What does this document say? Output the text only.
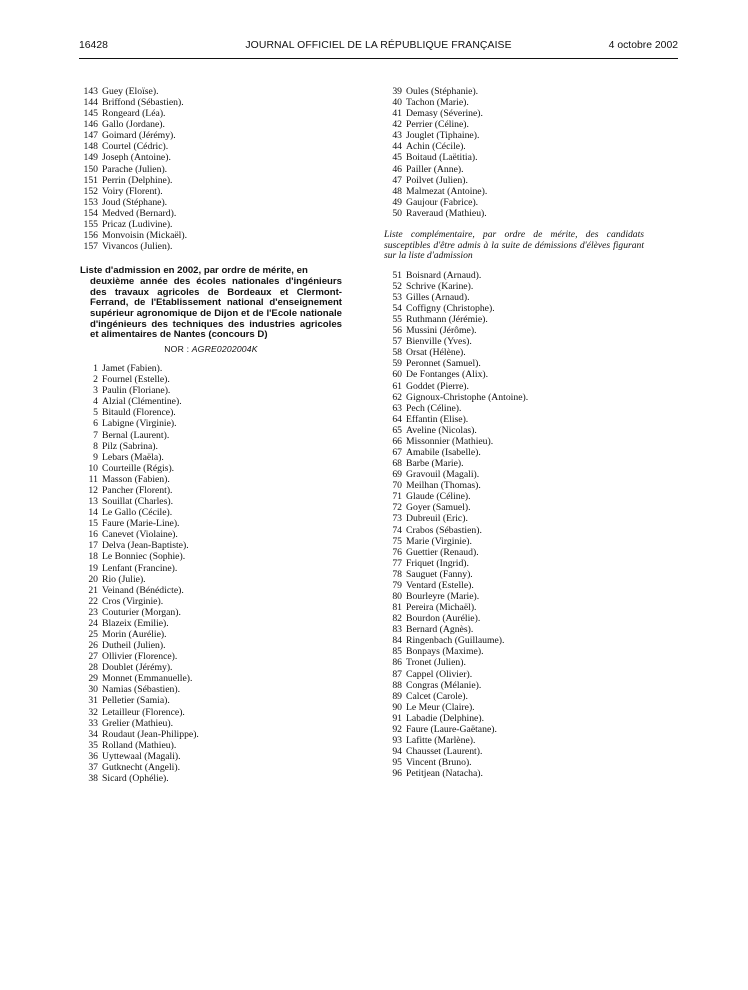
16428	JOURNAL OFFICIEL DE LA RÉPUBLIQUE FRANÇAISE	4 octobre 2002
143 Guey (Eloïse).
144 Briffond (Sébastien).
145 Rongeard (Léa).
146 Gallo (Jordane).
147 Goimard (Jérémy).
148 Courtel (Cédric).
149 Joseph (Antoine).
150 Parache (Julien).
151 Perrin (Delphine).
152 Voiry (Florent).
153 Joud (Stéphane).
154 Medved (Bernard).
155 Pricaz (Ludivine).
156 Monvoisin (Mickaël).
157 Vivancos (Julien).
Liste d'admission en 2002, par ordre de mérite, en
deuxième année des écoles nationales d'ingénieurs des travaux agricoles de Bordeaux et Clermont-Ferrand, de l'Etablissement national d'enseignement supérieur agronomique de Dijon et de l'Ecole nationale d'ingénieurs des techniques des industries agricoles et alimentaires de Nantes (concours D)
NOR : AGRE0202004K
1 Jamet (Fabien).
2 Fournel (Estelle).
3 Paulin (Floriane).
4 Alzial (Clémentine).
5 Bitauld (Florence).
6 Labigne (Virginie).
7 Bernal (Laurent).
8 Pilz (Sabrina).
9 Lebars (Maëla).
10 Courteille (Régis).
11 Masson (Fabien).
12 Pancher (Florent).
13 Souillat (Charles).
14 Le Gallo (Cécile).
15 Faure (Marie-Line).
16 Canevet (Violaine).
17 Delva (Jean-Baptiste).
18 Le Bonniec (Sophie).
19 Lenfant (Francine).
20 Rio (Julie).
21 Veinand (Bénédicte).
22 Cros (Virginie).
23 Couturier (Morgan).
24 Blazeix (Emilie).
25 Morin (Aurélie).
26 Dutheil (Julien).
27 Ollivier (Florence).
28 Doublet (Jérémy).
29 Monnet (Emmanuelle).
30 Namias (Sébastien).
31 Pelletier (Samia).
32 Letailleur (Florence).
33 Grelier (Mathieu).
34 Roudaut (Jean-Philippe).
35 Rolland (Mathieu).
36 Uyttewaal (Magali).
37 Gutknecht (Angeli).
38 Sicard (Ophélie).
39 Oules (Stéphanie).
40 Tachon (Marie).
41 Demasy (Séverine).
42 Perrier (Céline).
43 Jouglet (Tiphaine).
44 Achin (Cécile).
45 Boitaud (Laëtitia).
46 Pailler (Anne).
47 Poilvet (Julien).
48 Malmezat (Antoine).
49 Gaujour (Fabrice).
50 Raveraud (Mathieu).
Liste complémentaire, par ordre de mérite, des candidats susceptibles d'être admis à la suite de démissions d'élèves figurant sur la liste d'admission
51 Boisnard (Arnaud).
52 Schrive (Karine).
53 Gilles (Arnaud).
54 Coffigny (Christophe).
55 Ruthmann (Jérémie).
56 Mussini (Jérôme).
57 Bienville (Yves).
58 Orsat (Hélène).
59 Peronnet (Samuel).
60 De Fontanges (Alix).
61 Goddet (Pierre).
62 Gignoux-Christophe (Antoine).
63 Pech (Céline).
64 Effantin (Elise).
65 Aveline (Nicolas).
66 Missonnier (Mathieu).
67 Amabile (Isabelle).
68 Barbe (Marie).
69 Gravouil (Magali).
70 Meilhan (Thomas).
71 Glaude (Céline).
72 Goyer (Samuel).
73 Dubreuil (Eric).
74 Crabos (Sébastien).
75 Marie (Virginie).
76 Guettier (Renaud).
77 Friquet (Ingrid).
78 Sauguet (Fanny).
79 Ventard (Estelle).
80 Bourleyre (Marie).
81 Pereira (Michaël).
82 Bourdon (Aurélie).
83 Bernard (Agnès).
84 Ringenbach (Guillaume).
85 Bonpays (Maxime).
86 Tronet (Julien).
87 Cappel (Olivier).
88 Congras (Mélanie).
89 Calcet (Carole).
90 Le Meur (Claire).
91 Labadie (Delphine).
92 Faure (Laure-Gaëtane).
93 Lafitte (Marlène).
94 Chausset (Laurent).
95 Vincent (Bruno).
96 Petitjean (Natacha).
